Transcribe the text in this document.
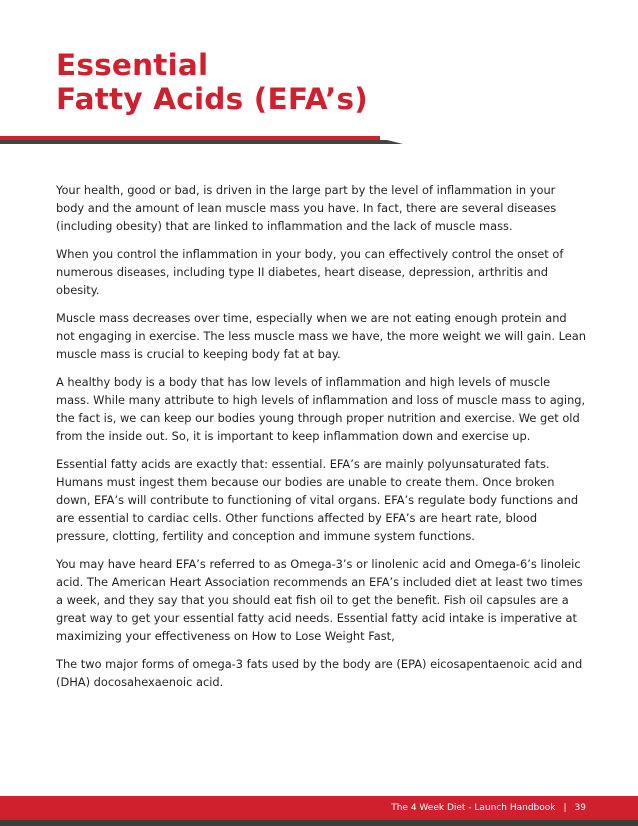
Essential
Fatty Acids (EFA’s)

Your health, good or bad, is driven in the large part by the level of inflammation in your body and the amount of lean muscle mass you have. In fact, there are several diseases (including obesity) that are linked to inflammation and the lack of muscle mass.

When you control the inflammation in your body, you can effectively control the onset of numerous diseases, including type II diabetes, heart disease, depression, arthritis and obesity.

Muscle mass decreases over time, especially when we are not eating enough protein and not engaging in exercise. The less muscle mass we have, the more weight we will gain. Lean muscle mass is crucial to keeping body fat at bay.

A healthy body is a body that has low levels of inflammation and high levels of muscle mass. While many attribute to high levels of inflammation and loss of muscle mass to aging, the fact is, we can keep our bodies young through proper nutrition and exercise. We get old from the inside out. So, it is important to keep inflammation down and exercise up.

Essential fatty acids are exactly that: essential. EFA’s are mainly polyunsaturated fats. Humans must ingest them because our bodies are unable to create them. Once broken down, EFA’s will contribute to functioning of vital organs. EFA’s regulate body functions and are essential to cardiac cells. Other functions affected by EFA’s are heart rate, blood pressure, clotting, fertility and conception and immune system functions.

You may have heard EFA’s referred to as Omega-3’s or linolenic acid and Omega-6’s linoleic acid. The American Heart Association recommends an EFA’s included diet at least two times a week, and they say that you should eat fish oil to get the benefit. Fish oil capsules are a great way to get your essential fatty acid needs. Essential fatty acid intake is imperative at maximizing your effectiveness on How to Lose Weight Fast,

The two major forms of omega-3 fats used by the body are (EPA) eicosapentaenoic acid and (DHA) docosahexaenoic acid.

The 4 Week Diet - Launch Handbook | 39
